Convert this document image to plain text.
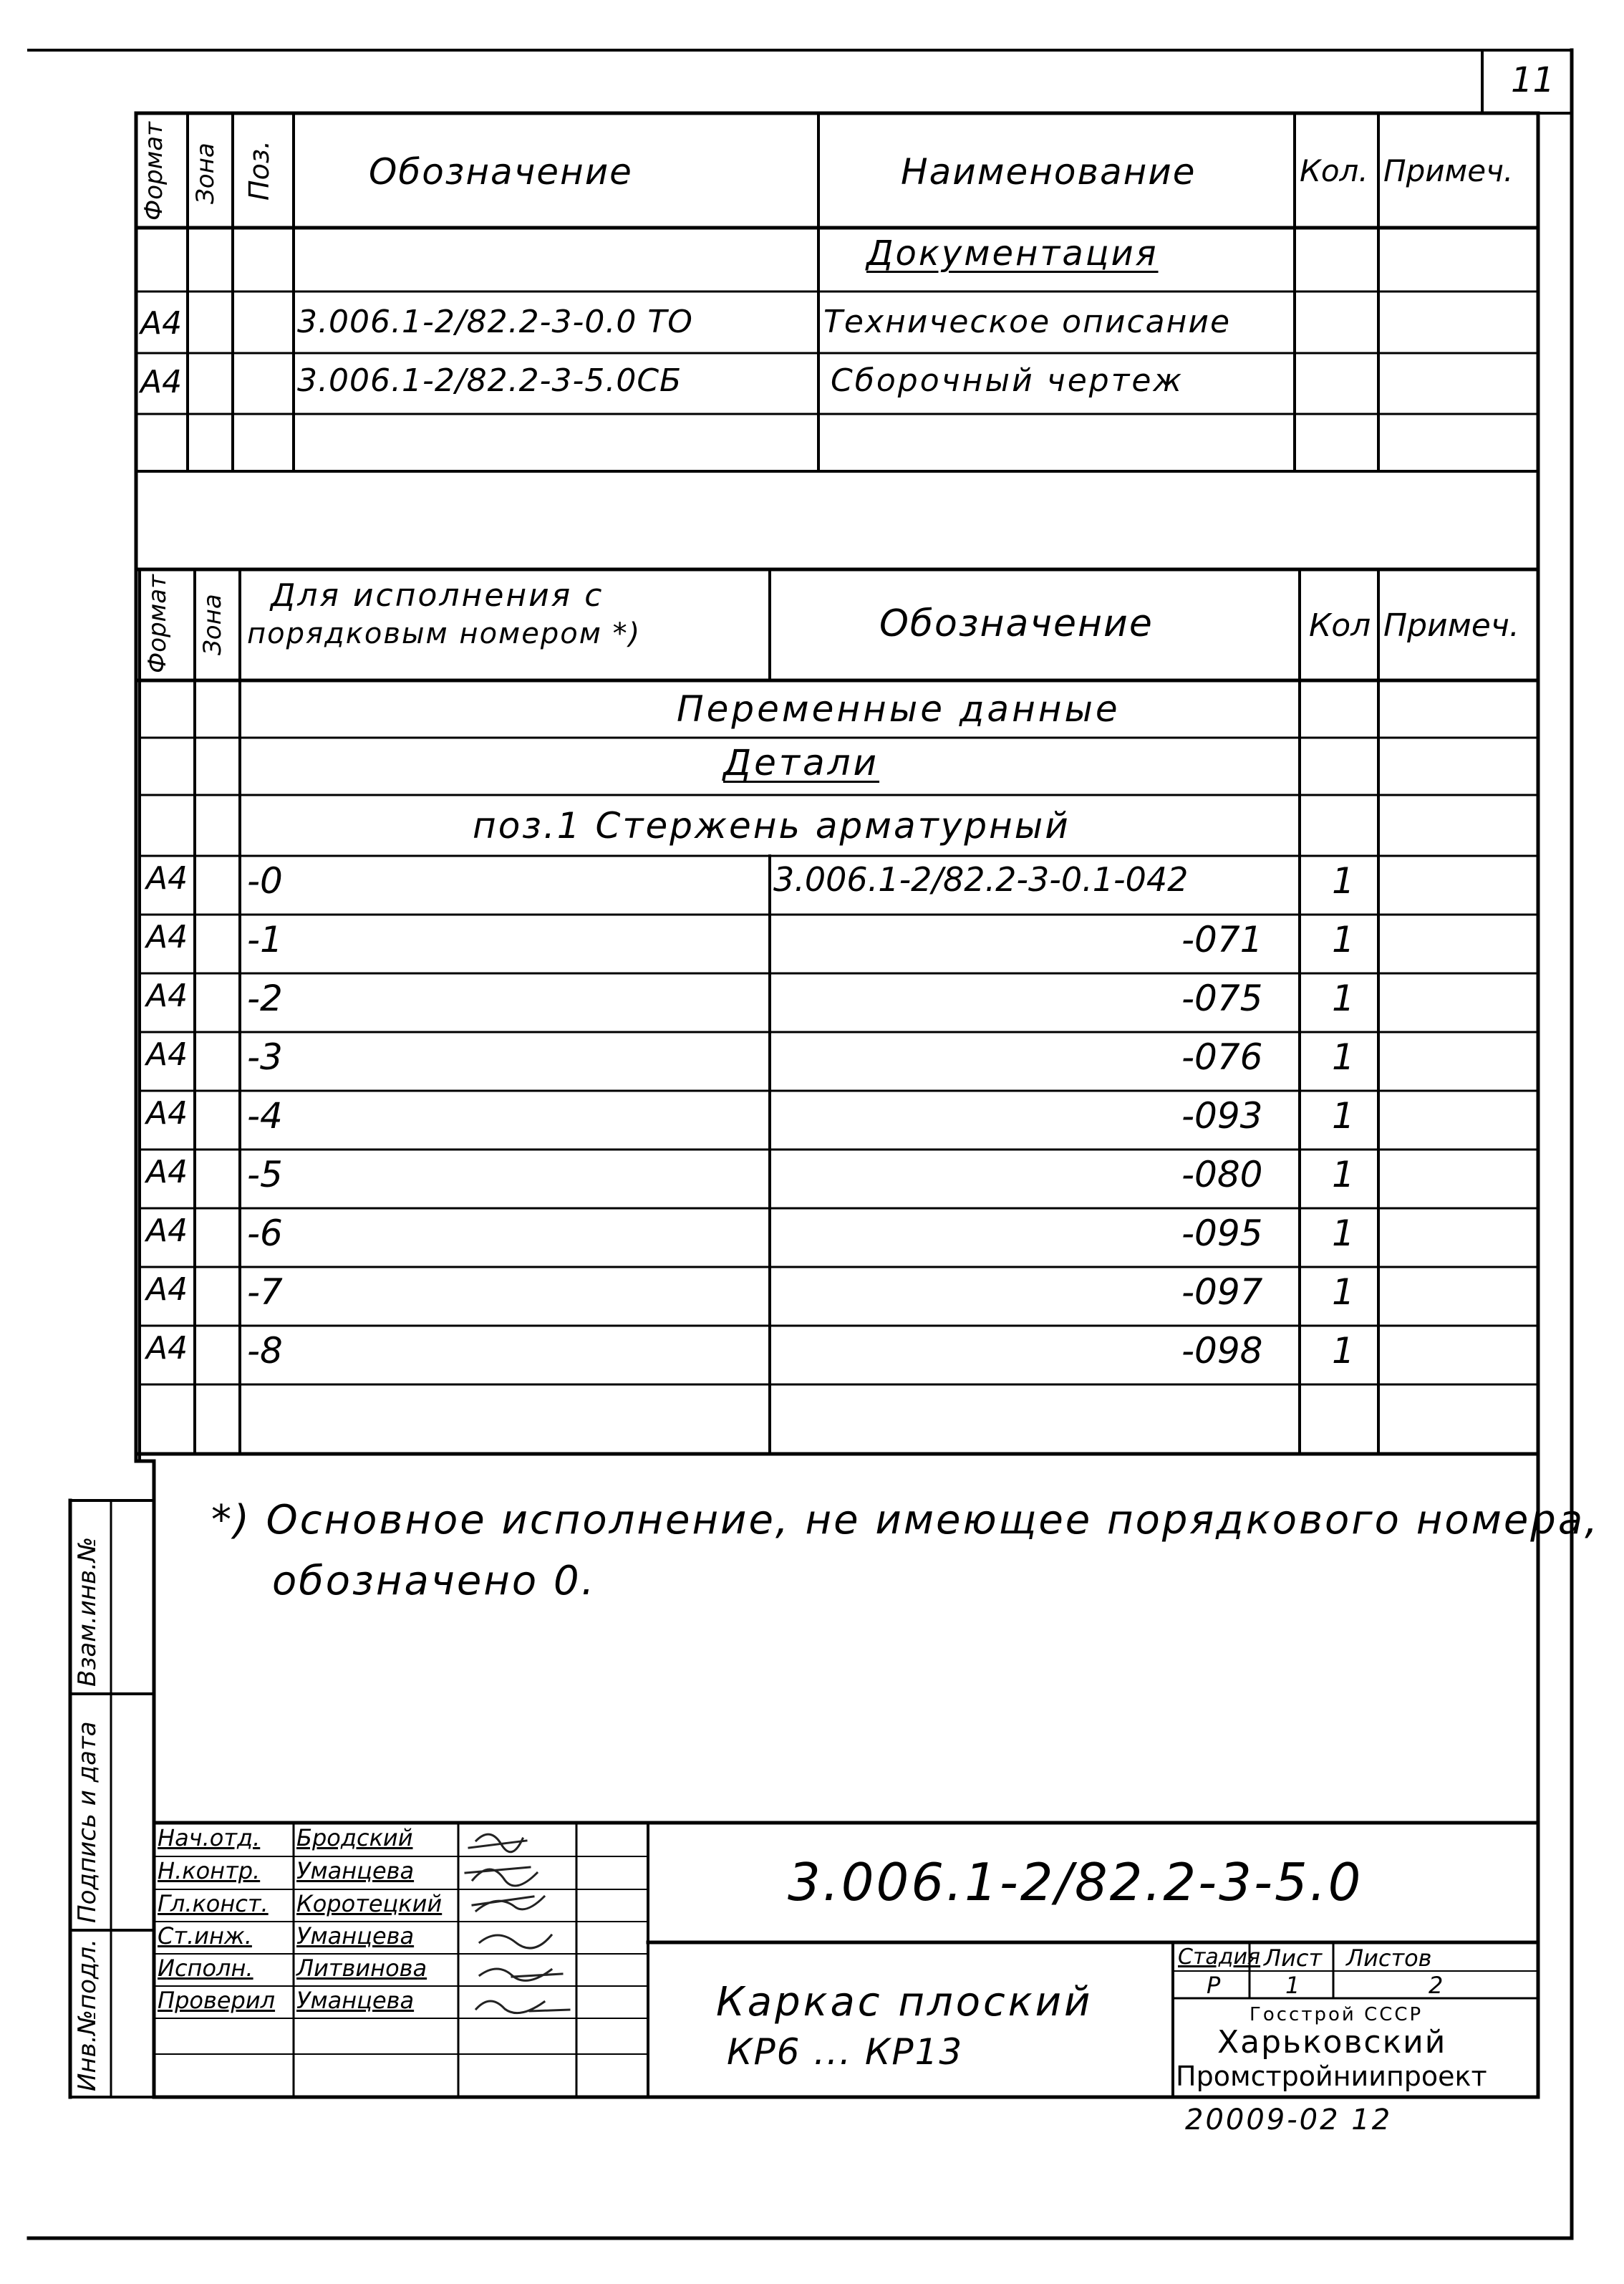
11
Формат Зона Поз.	Обозначение	Наименование	Кол. Примеч.
Документация
А4	3.006.1-2/82.2-3-0.0 ТО	Техническое описание
А4	3.006.1-2/82.2-3-5.0СБ	Сборочный чертеж
Формат Зона Для исполнения с
порядковым номером *)	Обозначение	Кол Примеч.
Переменные данные
Детали
поз.1 Стержень арматурный
А4 -0	3.006.1-2/82.2-3-0.1-042	1
А4 -1	-071 1
А4 -2	-075 1
А4 -3	-076 1
А4 -4	-093 1
А4 -5	-080 1
А4 -6	-095 1
А4 -7	-097 1
А4 -8	-098 1
*) Основное исполнение, не имеющее порядкового номера,
обозначено 0.
Инв.№подл.
Подпись и дата
Взам.инв.№
Нач.отд. Бродский
Н.контр. Уманцева
Гл.конст. Коротецкий
Ст.инж. Уманцева
Исполн. Литвинова
Проверил Уманцева
3.006.1-2/82.2-3-5.0
Каркас плоский
КР6 ... КР13
Стадия Лист Листов
Р	1	2
Госстрой СССР
Харьковский
Промстройниипроект
20009-02 12
